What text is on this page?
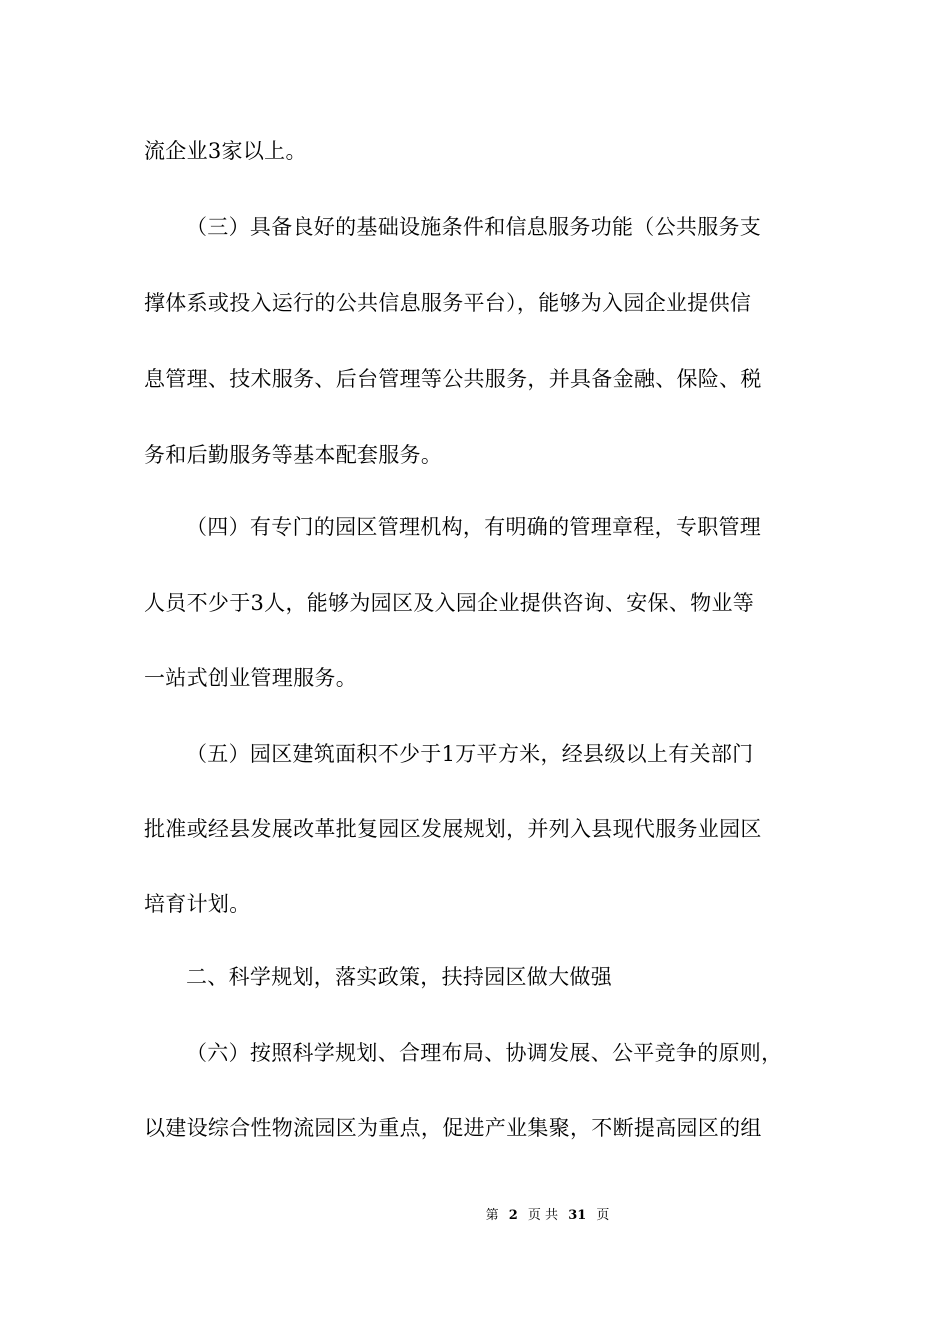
流企业3家以上。
（三）具备良好的基础设施条件和信息服务功能（公共服务支
撑体系或投入运行的公共信息服务平台），能够为入园企业提供信
息管理、技术服务、后台管理等公共服务，并具备金融、保险、税
务和后勤服务等基本配套服务。
（四）有专门的园区管理机构，有明确的管理章程，专职管理
人员不少于3人，能够为园区及入园企业提供咨询、安保、物业等
一站式创业管理服务。
（五）园区建筑面积不少于1万平方米，经县级以上有关部门
批准或经县发展改革批复园区发展规划，并列入县现代服务业园区
培育计划。
二、科学规划，落实政策，扶持园区做大做强
（六）按照科学规划、合理布局、协调发展、公平竞争的原则，
以建设综合性物流园区为重点，促进产业集聚，不断提高园区的组
第 2 页 共 31 页
